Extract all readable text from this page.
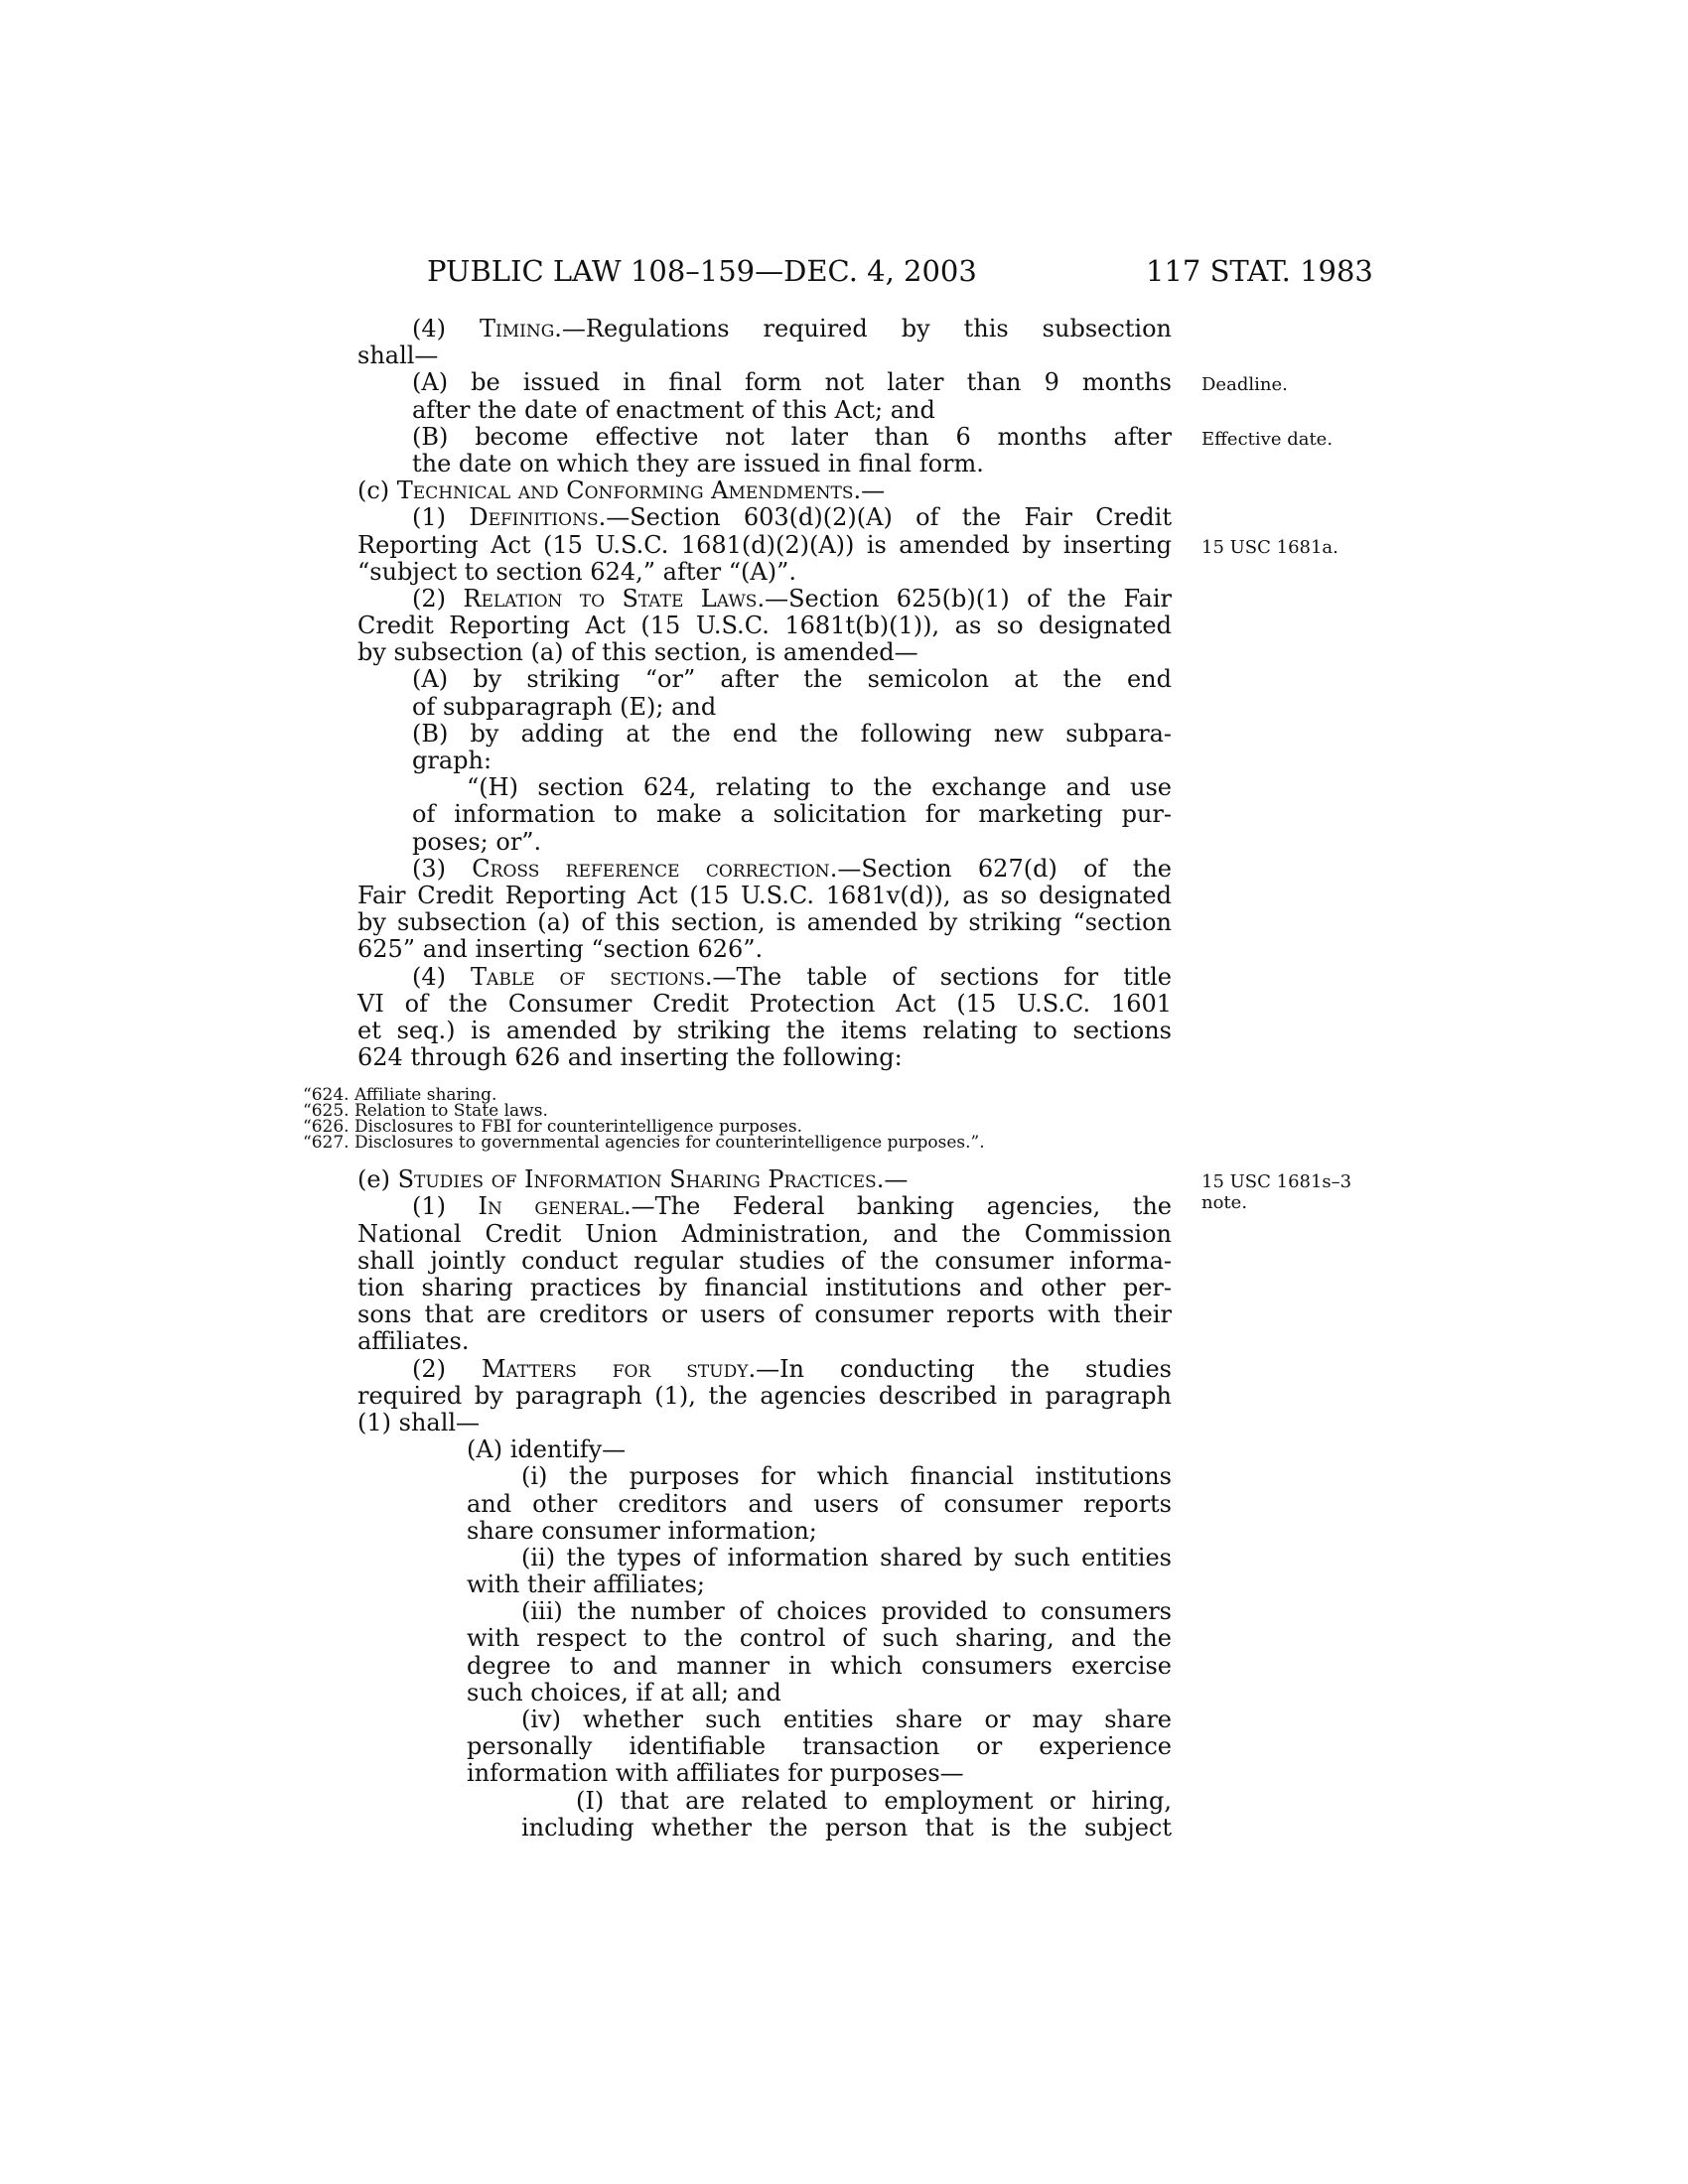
PUBLIC LAW 108–159—DEC. 4, 2003	117 STAT. 1983
(4) Timing.—Regulations required by this subsection
shall—
(A) be issued in final form not later than 9 months Deadline.
after the date of enactment of this Act; and
(B) become effective not later than 6 months after Effective date.
the date on which they are issued in final form.
(c) Technical and Conforming Amendments.—
(1) Definitions.—Section 603(d)(2)(A) of the Fair Credit
Reporting Act (15 U.S.C. 1681(d)(2)(A)) is amended by inserting 15 USC 1681a.
“subject to section 624,” after “(A)”.
(2) Relation to State Laws.—Section 625(b)(1) of the Fair
Credit Reporting Act (15 U.S.C. 1681t(b)(1)), as so designated
by subsection (a) of this section, is amended—
(A) by striking “or” after the semicolon at the end
of subparagraph (E); and
(B) by adding at the end the following new subpara-
graph:
“(H) section 624, relating to the exchange and use
of information to make a solicitation for marketing pur-
poses; or”.
(3) Cross reference correction.—Section 627(d) of the
Fair Credit Reporting Act (15 U.S.C. 1681v(d)), as so designated
by subsection (a) of this section, is amended by striking “section
625” and inserting “section 626”.
(4) Table of sections.—The table of sections for title
VI of the Consumer Credit Protection Act (15 U.S.C. 1601
et seq.) is amended by striking the items relating to sections
624 through 626 and inserting the following:
“624. Affiliate sharing.
“625. Relation to State laws.
“626. Disclosures to FBI for counterintelligence purposes.
“627. Disclosures to governmental agencies for counterintelligence purposes.”.
(e) Studies of Information Sharing Practices.—	15 USC 1681s–3
(1) In general.—The Federal banking agencies, the note.
National Credit Union Administration, and the Commission
shall jointly conduct regular studies of the consumer informa-
tion sharing practices by financial institutions and other per-
sons that are creditors or users of consumer reports with their
affiliates.
(2) Matters for study.—In conducting the studies
required by paragraph (1), the agencies described in paragraph
(1) shall—
(A) identify—
(i) the purposes for which financial institutions
and other creditors and users of consumer reports
share consumer information;
(ii) the types of information shared by such entities
with their affiliates;
(iii) the number of choices provided to consumers
with respect to the control of such sharing, and the
degree to and manner in which consumers exercise
such choices, if at all; and
(iv) whether such entities share or may share
personally identifiable transaction or experience
information with affiliates for purposes—
(I) that are related to employment or hiring,
including whether the person that is the subject
